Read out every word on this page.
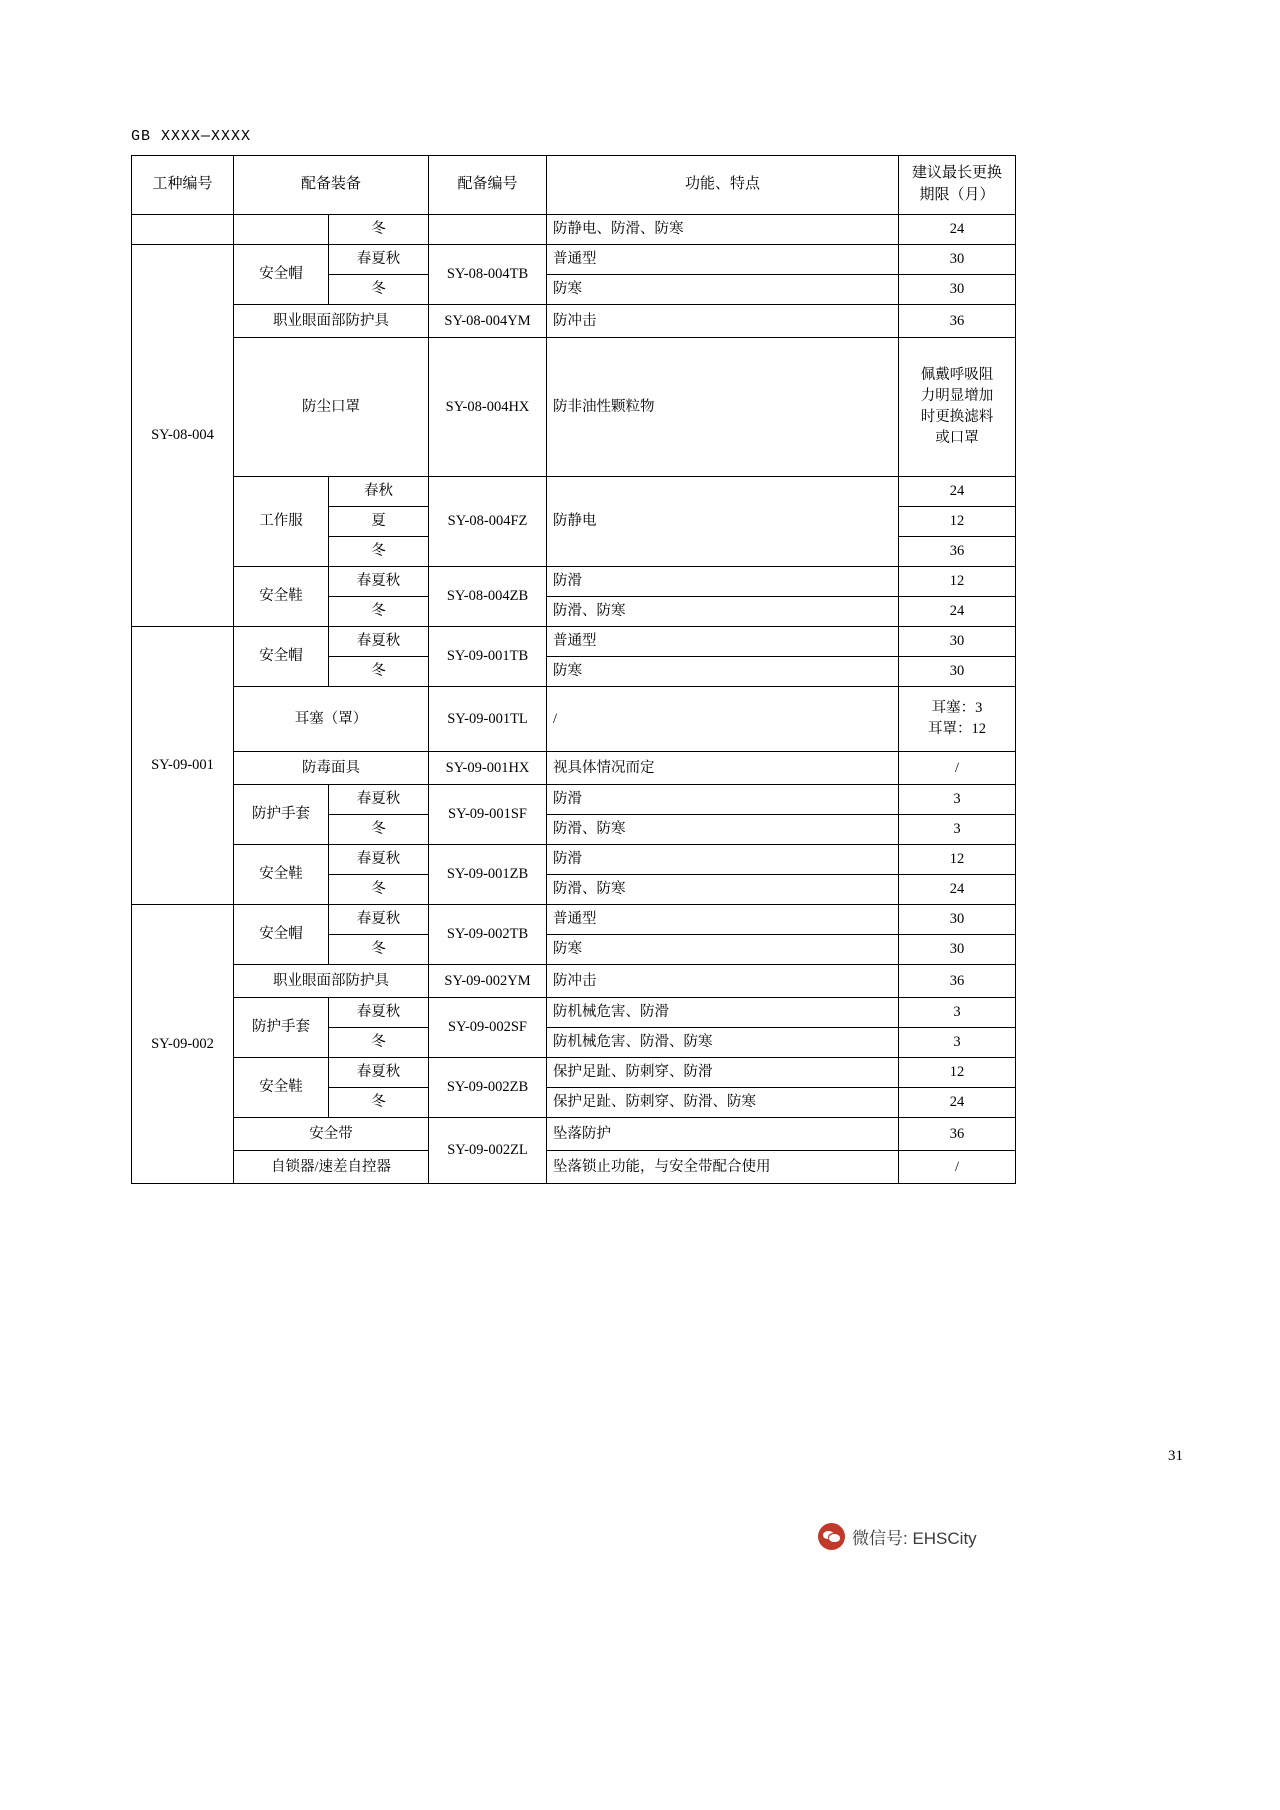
GB XXXX—XXXX
工种编号	配备装备		配备编号	功能、特点	建议最长更换期限（月）
		冬		防静电、防滑、防寒	24
SY-08-004	安全帽	春夏秋	SY-08-004TB	普通型	30
		冬		防寒	30
	职业眼面部防护具		SY-08-004YM	防冲击	36
	防尘口罩		SY-08-004HX	防非油性颗粒物	佩戴呼吸阻
力明显增加
时更换滤料
或口罩
	工作服	春秋	SY-08-004FZ	防静电	24
		夏			12
		冬			36
	安全鞋	春夏秋	SY-08-004ZB	防滑	12
		冬		防滑、防寒	24
SY-09-001	安全帽	春夏秋	SY-09-001TB	普通型	30
		冬		防寒	30
	耳塞（罩）		SY-09-001TL	/	耳塞：3
耳罩：12
	防毒面具		SY-09-001HX	视具体情况而定	/
	防护手套	春夏秋	SY-09-001SF	防滑	3
		冬		防滑、防寒	3
	安全鞋	春夏秋	SY-09-001ZB	防滑	12
		冬		防滑、防寒	24
SY-09-002	安全帽	春夏秋	SY-09-002TB	普通型	30
		冬		防寒	30
	职业眼面部防护具		SY-09-002YM	防冲击	36
	防护手套	春夏秋	SY-09-002SF	防机械危害、防滑	3
		冬		防机械危害、防滑、防寒	3
	安全鞋	春夏秋	SY-09-002ZB	保护足趾、防刺穿、防滑	12
		冬		保护足趾、防刺穿、防滑、防寒	24
	安全带		SY-09-002ZL	坠落防护	36
	自锁器/速差自控器			坠落锁止功能，与安全带配合使用	/
31
微信号: EHSCity
